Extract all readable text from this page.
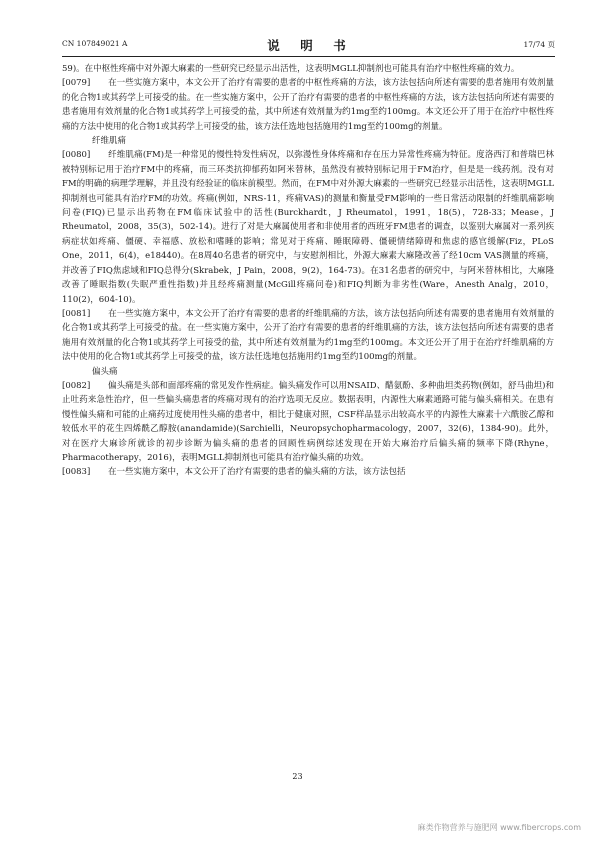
CN 107849021 A	说　明　书	17/74 页

59)。在中枢性疼痛中对外源大麻素的一些研究已经显示出活性，这表明MGLL抑制剂也可能具有治疗中枢性疼痛的效力。

[0079] 在一些实施方案中，本文公开了治疗有需要的患者的中枢性疼痛的方法，该方法包括向所述有需要的患者施用有效剂量的化合物1或其药学上可接受的盐。在一些实施方案中，公开了治疗有需要的患者的中枢性疼痛的方法，该方法包括向所述有需要的患者施用有效剂量的化合物1或其药学上可接受的盐，其中所述有效剂量为约1mg至约100mg。本文还公开了用于在治疗中枢性疼痛的方法中使用的化合物1或其药学上可接受的盐，该方法任选地包括施用约1mg至约100mg的剂量。

纤维肌痛

[0080] 纤维肌痛(FM)是一种常见的慢性特发性病况，以弥漫性身体疼痛和存在压力异常性疼痛为特征。度洛西汀和普瑞巴林被特别标记用于治疗FM中的疼痛，而三环类抗抑郁药如阿米替林，虽然没有被特别标记用于FM治疗，但是是一线药剂。没有对FM的明确的病理学理解，并且没有经验证的临床前模型。然而，在FM中对外源大麻素的一些研究已经显示出活性，这表明MGLL抑制剂也可能具有治疗FM的功效。疼痛(例如，NRS-11，疼痛VAS)的测量和衡量受FM影响的一些日常活动限制的纤维肌痛影响问卷(FIQ)已显示出药物在FM临床试验中的活性(Burckhardt，J Rheumatol，1991，18(5)，728-33；Mease，J Rheumatol，2008，35(3)，502-14)。进行了对是大麻属使用者和非使用者的西班牙FM患者的调查，以鉴别大麻属对一系列疾病症状如疼痛、僵硬、幸福感、放松和嗜睡的影响；常见对于疼痛、睡眠障碍、僵硬情绪障碍和焦虑的感官缓解(Fiz，PLoS One，2011，6(4)，e18440)。在8周40名患者的研究中，与安慰剂相比，外源大麻素大麻隆改善了经10cm VAS测量的疼痛，并改善了FIQ焦虑域和FIQ总得分(Skrabek，J Pain，2008，9(2)，164-73)。在31名患者的研究中，与阿米替林相比，大麻隆改善了睡眠指数(失眠严重性指数)并且经疼痛测量(McGill疼痛问卷)和FIQ判断为非劣性(Ware，Anesth Analg，2010，110(2)，604-10)。

[0081] 在一些实施方案中，本文公开了治疗有需要的患者的纤维肌痛的方法，该方法包括向所述有需要的患者施用有效剂量的化合物1或其药学上可接受的盐。在一些实施方案中，公开了治疗有需要的患者的纤维肌痛的方法，该方法包括向所述有需要的患者施用有效剂量的化合物1或其药学上可接受的盐，其中所述有效剂量为约1mg至约100mg。本文还公开了用于在治疗纤维肌痛的方法中使用的化合物1或其药学上可接受的盐，该方法任选地包括施用约1mg至约100mg的剂量。

偏头痛

[0082] 偏头痛是头部和面部疼痛的常见发作性病症。偏头痛发作可以用NSAID、醋氨酚、多种曲坦类药物(例如，舒马曲坦)和止吐药来急性治疗，但一些偏头痛患者的疼痛对现有的治疗选项无反应。数据表明，内源性大麻素通路可能与偏头痛相关。在患有慢性偏头痛和可能的止痛药过度使用性头痛的患者中，相比于健康对照，CSF样品显示出较高水平的内源性大麻素十六酰胺乙醇和较低水平的花生四烯酰乙醇胺(anandamide)(Sarchielli，Neuropsychopharmacology，2007，32(6)，1384-90)。此外，对在医疗大麻诊所就诊的初步诊断为偏头痛的患者的回顾性病例综述发现在开始大麻治疗后偏头痛的频率下降(Rhyne，Pharmacotherapy，2016)，表明MGLL抑制剂也可能具有治疗偏头痛的功效。

[0083] 在一些实施方案中，本文公开了治疗有需要的患者的偏头痛的方法，该方法包括

23
麻类作物营养与施肥网 www.fibercrops.com
